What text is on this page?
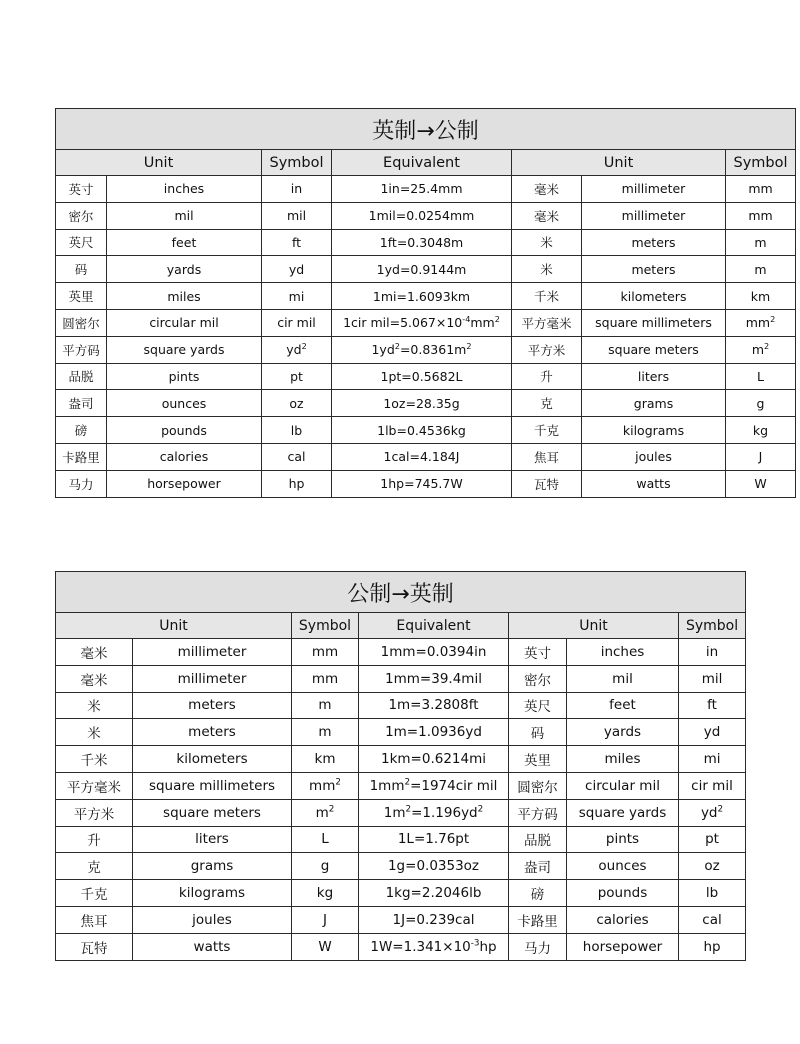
英制→公制						
Unit		Symbol	Equivalent	Unit		Symbol
英寸	inches	in	1in=25.4mm	毫米	millimeter	mm
密尔	mil	mil	1mil=0.0254mm	毫米	millimeter	mm
英尺	feet	ft	1ft=0.3048m	米	meters	m
码	yards	yd	1yd=0.9144m	米	meters	m
英里	miles	mi	1mi=1.6093km	千米	kilometers	km
圆密尔	circular mil	cir mil	1cir $mil=5.067\times 10^{-4}mm^2$	平方毫米	square millimeters	$mm^2$
平方码	square yards	$yd^2$	$1yd^2=0.8361m^2$	平方米	square meters	$m^2$
品脱	pints	pt	1pt=0.5682L	升	liters	L
盎司	ounces	oz	1oz=28.35g	克	grams	g
磅	pounds	lb	1lb=0.4536kg	千克	kilograms	kg
卡路里	calories	cal	1cal=4.184J	焦耳	joules	J
马力	horsepower	hp	1hp=745.7W	瓦特	watts	W
公制→英制						
Unit		Symbol	Equivalent	Unit		Symbol
毫米	millimeter	mm	1mm=0.0394in	英寸	inches	in
毫米	millimeter	mm	1mm=39.4mil	密尔	mil	mil
米	meters	m	1m=3.2808ft	英尺	feet	ft
米	meters	m	1m=1.0936yd	码	yards	yd
千米	kilometers	km	1km=0.6214mi	英里	miles	mi
平方毫米	square millimeters	$mm^2$	$1mm^2=1974cir$ mil	圆密尔	circular mil	cir mil
平方米	square meters	$m^2$	$1m^2=1.196yd^2$	平方码	square yards	$yd^2$
升	liters	L	1L=1.76pt	品脱	pints	pt
克	grams	g	1g=0.0353oz	盎司	ounces	oz
千克	kilograms	kg	1kg=2.2046lb	磅	pounds	lb
焦耳	joules	J	1J=0.239cal	卡路里	calories	cal
瓦特	watts	W	$1W=1.341\times 10^{-3}hp$	马力	horsepower	hp
